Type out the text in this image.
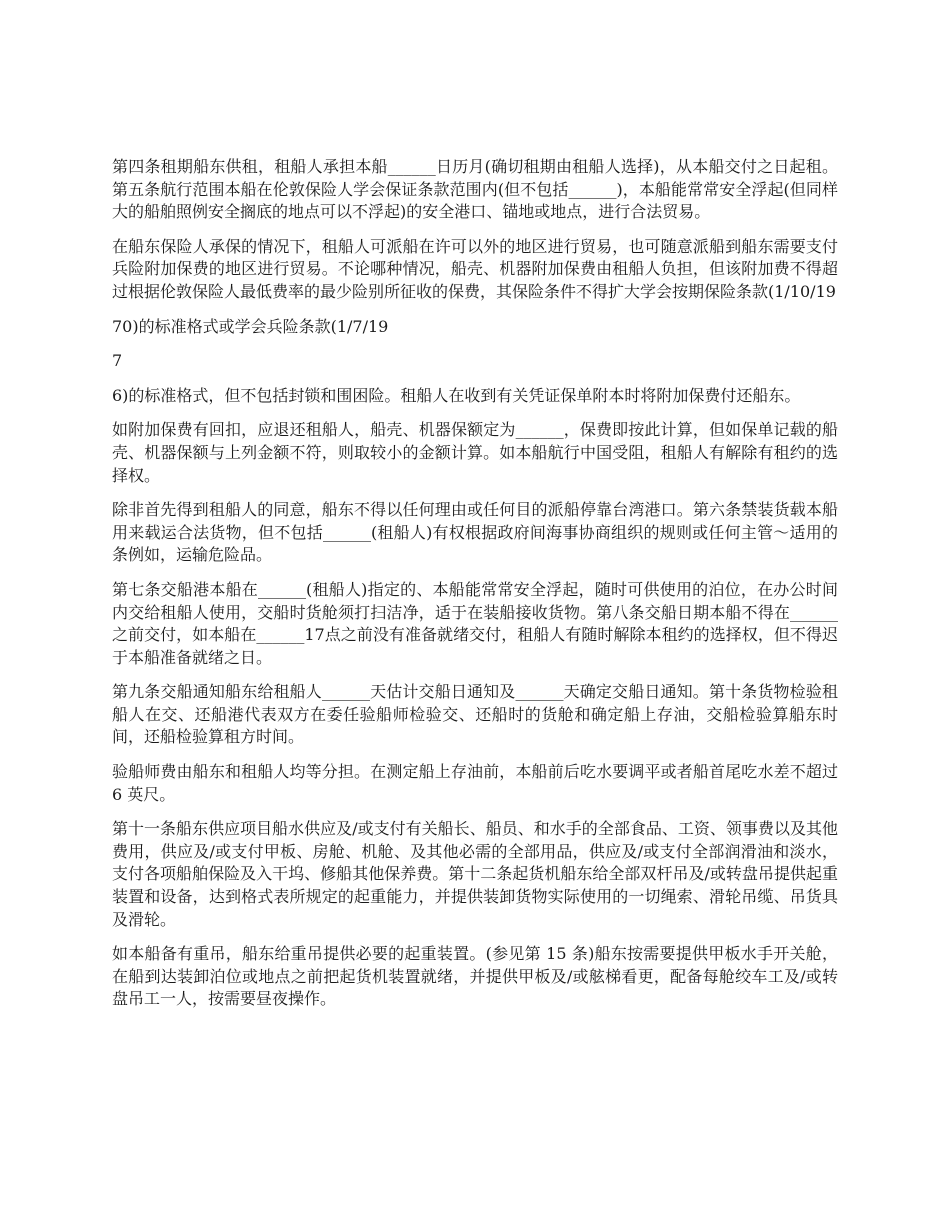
第四条租期船东供租，租船人承担本船______日历月(确切租期由租船人选择)，从本船交付之日起租。第五条航行范围本船在伦敦保险人学会保证条款范围内(但不包括______)，本船能常常安全浮起(但同样大的船舶照例安全搁底的地点可以不浮起)的安全港口、锚地或地点，进行合法贸易。

在船东保险人承保的情况下，租船人可派船在许可以外的地区进行贸易，也可随意派船到船东需要支付兵险附加保费的地区进行贸易。不论哪种情况，船壳、机器附加保费由租船人负担，但该附加费不得超过根据伦敦保险人最低费率的最少险别所征收的保费，其保险条件不得扩大学会按期保险条款(1/10/19

70)的标准格式或学会兵险条款(1/7/19

7

6)的标准格式，但不包括封锁和围困险。租船人在收到有关凭证保单附本时将附加保费付还船东。

如附加保费有回扣，应退还租船人，船壳、机器保额定为______，保费即按此计算，但如保单记载的船壳、机器保额与上列金额不符，则取较小的金额计算。如本船航行中国受阻，租船人有解除有租约的选择权。

除非首先得到租船人的同意，船东不得以任何理由或任何目的派船停靠台湾港口。第六条禁装货载本船用来载运合法货物，但不包括______(租船人)有权根据政府间海事协商组织的规则或任何主管～适用的条例如，运输危险品。

第七条交船港本船在______(租船人)指定的、本船能常常安全浮起，随时可供使用的泊位，在办公时间内交给租船人使用，交船时货舱须打扫洁净，适于在装船接收货物。第八条交船日期本船不得在______之前交付，如本船在______17点之前没有准备就绪交付，租船人有随时解除本租约的选择权，但不得迟于本船准备就绪之日。

第九条交船通知船东给租船人______天估计交船日通知及______天确定交船日通知。第十条货物检验租船人在交、还船港代表双方在委任验船师检验交、还船时的货舱和确定船上存油，交船检验算船东时间，还船检验算租方时间。

验船师费由船东和租船人均等分担。在测定船上存油前，本船前后吃水要调平或者船首尾吃水差不超过 6 英尺。

第十一条船东供应项目船水供应及/或支付有关船长、船员、和水手的全部食品、工资、领事费以及其他费用，供应及/或支付甲板、房舱、机舱、及其他必需的全部用品，供应及/或支付全部润滑油和淡水，支付各项船舶保险及入干坞、修船其他保养费。第十二条起货机船东给全部双杆吊及/或转盘吊提供起重装置和设备，达到格式表所规定的起重能力，并提供装卸货物实际使用的一切绳索、滑轮吊缆、吊货具及滑轮。

如本船备有重吊，船东给重吊提供必要的起重装置。(参见第 15 条)船东按需要提供甲板水手开关舱，在船到达装卸泊位或地点之前把起货机装置就绪，并提供甲板及/或舷梯看更，配备每舱绞车工及/或转盘吊工一人，按需要昼夜操作。
